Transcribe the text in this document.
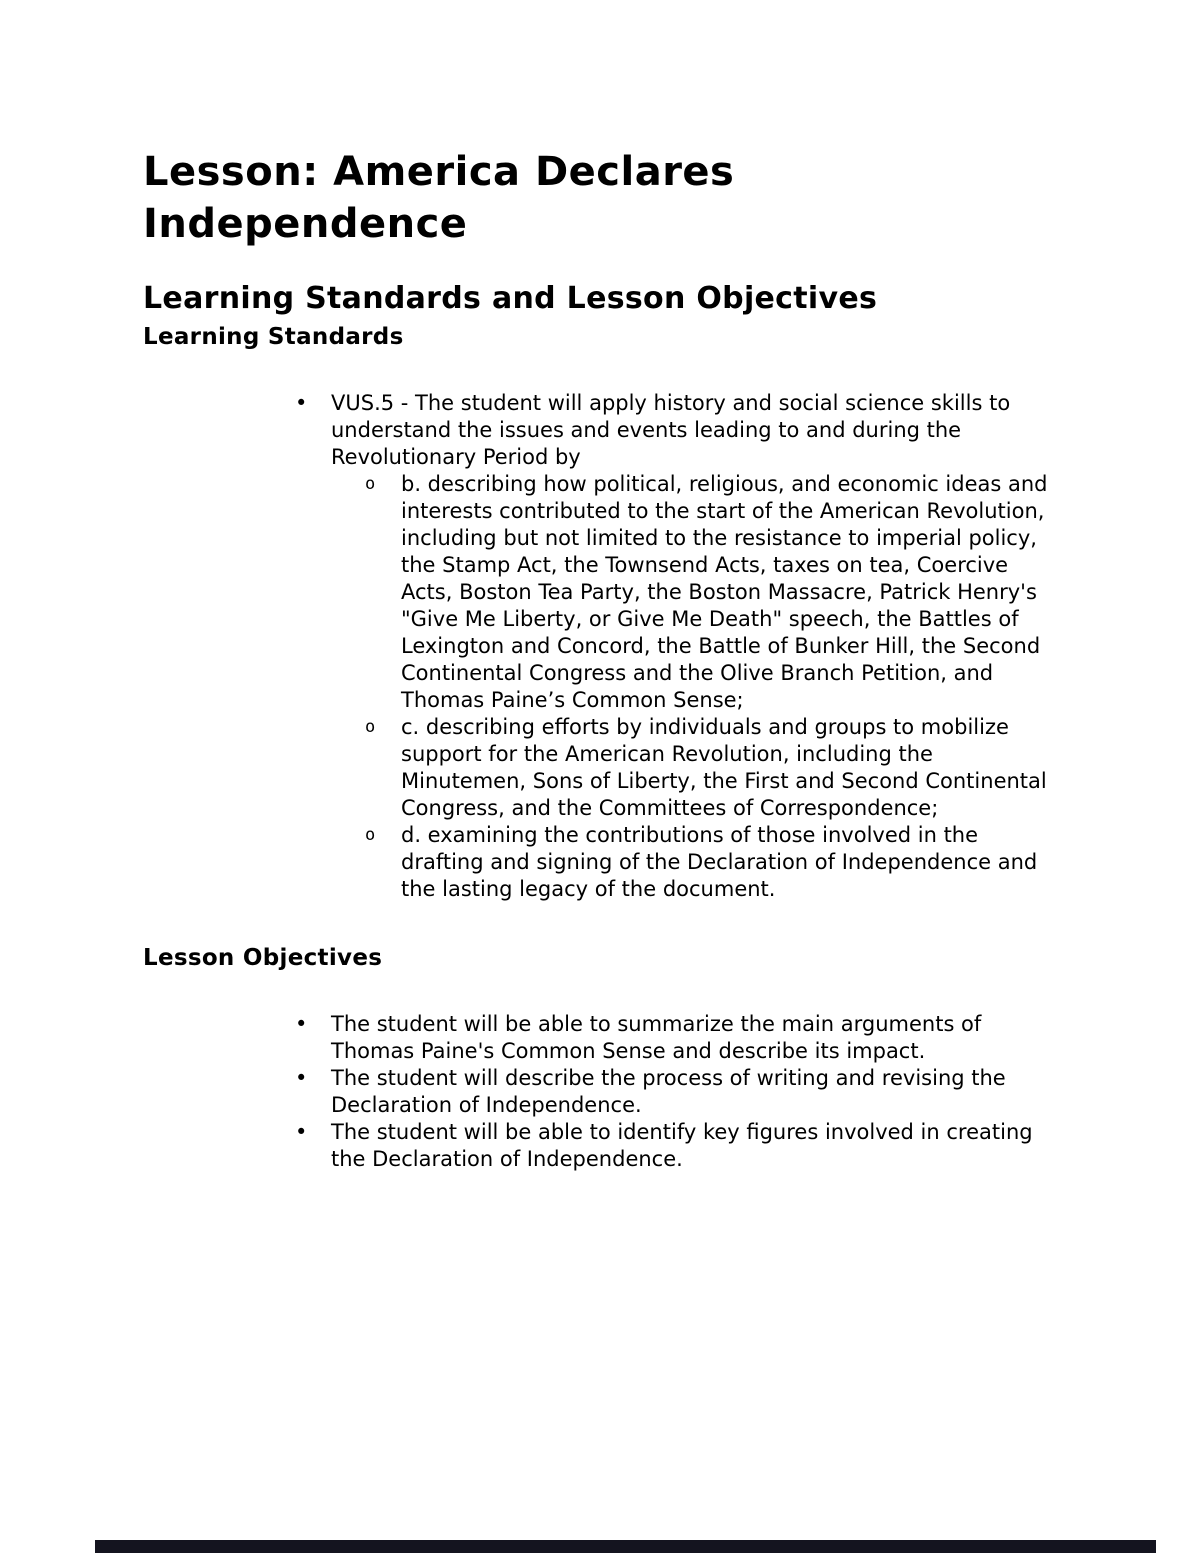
Lesson: America Declares Independence
Learning Standards and Lesson Objectives
Learning Standards
•	VUS.5 - The student will apply history and social science skills to understand the issues and events leading to and during the Revolutionary Period by
o	b. describing how political, religious, and economic ideas and interests contributed to the start of the American Revolution, including but not limited to the resistance to imperial policy, the Stamp Act, the Townsend Acts, taxes on tea, Coercive Acts, Boston Tea Party, the Boston Massacre, Patrick Henry's "Give Me Liberty, or Give Me Death" speech, the Battles of Lexington and Concord, the Battle of Bunker Hill, the Second Continental Congress and the Olive Branch Petition, and Thomas Paine’s Common Sense;
o	c. describing efforts by individuals and groups to mobilize support for the American Revolution, including the Minutemen, Sons of Liberty, the First and Second Continental Congress, and the Committees of Correspondence;
o	d. examining the contributions of those involved in the drafting and signing of the Declaration of Independence and the lasting legacy of the document.
Lesson Objectives
•	The student will be able to summarize the main arguments of Thomas Paine's Common Sense and describe its impact.
•	The student will describe the process of writing and revising the Declaration of Independence.
•	The student will be able to identify key figures involved in creating the Declaration of Independence.
